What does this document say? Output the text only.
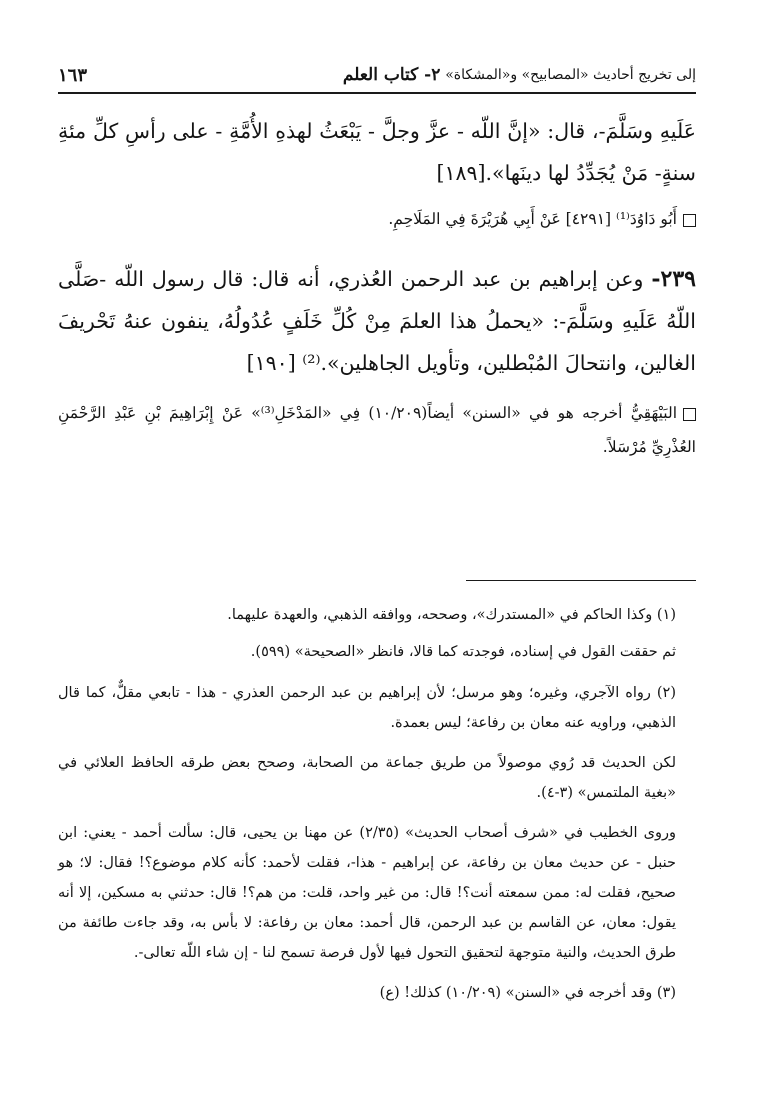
إلى تخريج أحاديث «المصابيح» و«المشكاة»
٢- كتاب العلم
١٦٣

عَلَيهِ وسَلَّمَ-، قال: «إنَّ اللّه - عزَّ وجلَّ - يَبْعَثُ لهذهِ الأُمَّةِ - على رأسِ كلِّ مئةِ سنةٍ- مَنْ يُجَدِّدُ لها دينَها».[١٨٩]

أَبُو دَاوُدَ⁽¹⁾ [٤٢٩١] عَنْ أَبِي هُرَيْرَةَ فِي المَلَاحِمِ.

٢٣٩- وعن إبراهيم بن عبد الرحمن العُذري، أنه قال: قال رسول اللّه -صَلَّى اللّهُ عَلَيهِ وسَلَّمَ-: «يحملُ هذا العلمَ مِنْ كُلِّ خَلَفٍ عُدُولُهُ، ينفون عنهُ تَحْريفَ الغالين، وانتحالَ المُبْطلين، وتأويل الجاهلين».⁽²⁾ [١٩٠]

البَيْهَقِيُّ أخرجه هو في «السنن» أيضاً(١٠/٢٠٩) فِي «المَدْخَلِ⁽³⁾» عَنْ إِبْرَاهِيمَ بْنِ عَبْدِ الرَّحْمَنِ العُذْرِيِّ مُرْسَلاً.

(١) وكذا الحاكم في «المستدرك»، وصححه، ووافقه الذهبي، والعهدة عليهما.

ثم حققت القول في إسناده، فوجدته كما قالا، فانظر «الصحيحة» (٥٩٩).

(٢) رواه الآجري، وغيره؛ وهو مرسل؛ لأن إبراهيم بن عبد الرحمن العذري - هذا - تابعي مقلٌّ، كما قال الذهبي، وراويه عنه معان بن رفاعة؛ ليس بعمدة.

لكن الحديث قد رُوي موصولاً من طريق جماعة من الصحابة، وصحح بعض طرقه الحافظ العلائي في «بغية الملتمس» (٣-٤).

وروى الخطيب في «شرف أصحاب الحديث» (٢/٣٥) عن مهنا بن يحيى، قال: سألت أحمد - يعني: ابن حنبل - عن حديث معان بن رفاعة، عن إبراهيم - هذا-، فقلت لأحمد: كأنه كلام موضوع؟! فقال: لا؛ هو صحيح، فقلت له: ممن سمعته أنت؟! قال: من غير واحد، قلت: من هم؟! قال: حدثني به مسكين، إلا أنه يقول: معان، عن القاسم بن عبد الرحمن، قال أحمد: معان بن رفاعة: لا بأس به، وقد جاءت طائفة من طرق الحديث، والنية متوجهة لتحقيق التحول فيها لأول فرصة تسمح لنا - إن شاء اللّه تعالى-.

(٣) وقد أخرجه في «السنن» (١٠/٢٠٩) كذلك! (ع)
